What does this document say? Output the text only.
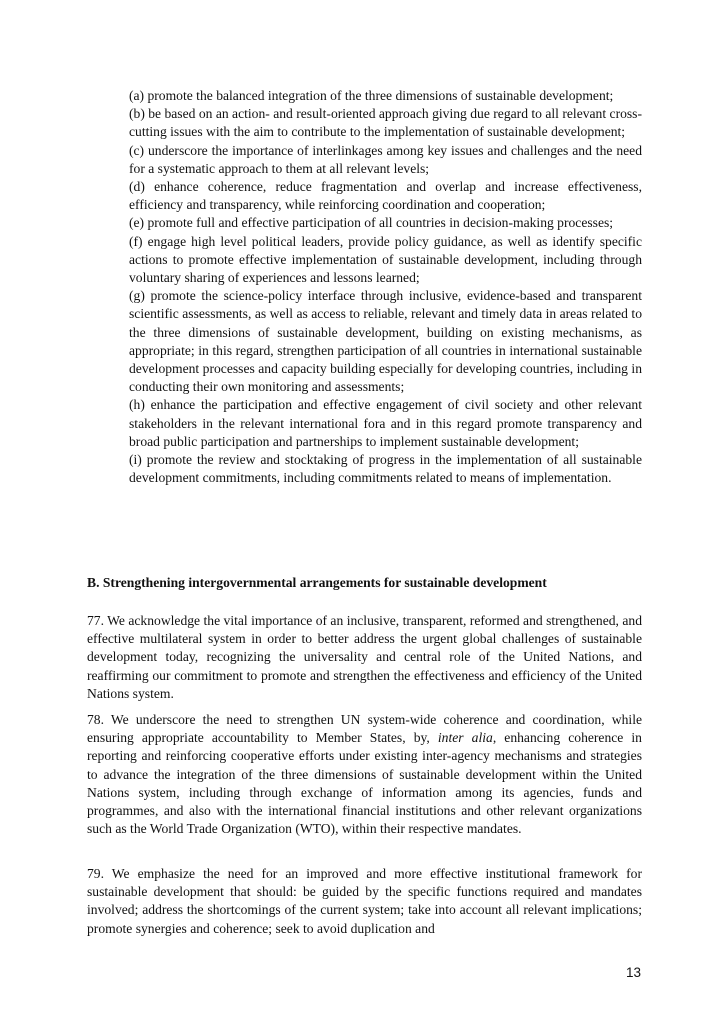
(a) promote the balanced integration of the three dimensions of sustainable development;
(b) be based on an action- and result-oriented approach giving due regard to all relevant cross-cutting issues with the aim to contribute to the implementation of sustainable development;
(c) underscore the importance of interlinkages among key issues and challenges and the need for a systematic approach to them at all relevant levels;
(d) enhance coherence, reduce fragmentation and overlap and increase effectiveness, efficiency and transparency, while reinforcing coordination and cooperation;
(e) promote full and effective participation of all countries in decision-making processes;
(f) engage high level political leaders, provide policy guidance, as well as identify specific actions to promote effective implementation of sustainable development, including through voluntary sharing of experiences and lessons learned;
(g) promote the science-policy interface through inclusive, evidence-based and transparent scientific assessments, as well as access to reliable, relevant and timely data in areas related to the three dimensions of sustainable development, building on existing mechanisms, as appropriate; in this regard, strengthen participation of all countries in international sustainable development processes and capacity building especially for developing countries, including in conducting their own monitoring and assessments;
(h) enhance the participation and effective engagement of civil society and other relevant stakeholders in the relevant international fora and in this regard promote transparency and broad public participation and partnerships to implement sustainable development;
(i) promote the review and stocktaking of progress in the implementation of all sustainable development commitments, including commitments related to means of implementation.
B. Strengthening intergovernmental arrangements for sustainable development

77. We acknowledge the vital importance of an inclusive, transparent, reformed and strengthened, and effective multilateral system in order to better address the urgent global challenges of sustainable development today, recognizing the universality and central role of the United Nations, and reaffirming our commitment to promote and strengthen the effectiveness and efficiency of the United Nations system.

78. We underscore the need to strengthen UN system-wide coherence and coordination, while ensuring appropriate accountability to Member States, by, inter alia, enhancing coherence in reporting and reinforcing cooperative efforts under existing inter-agency mechanisms and strategies to advance the integration of the three dimensions of sustainable development within the United Nations system, including through exchange of information among its agencies, funds and programmes, and also with the international financial institutions and other relevant organizations such as the World Trade Organization (WTO), within their respective mandates.

79. We emphasize the need for an improved and more effective institutional framework for sustainable development that should: be guided by the specific functions required and mandates involved; address the shortcomings of the current system; take into account all relevant implications; promote synergies and coherence; seek to avoid duplication and

13
